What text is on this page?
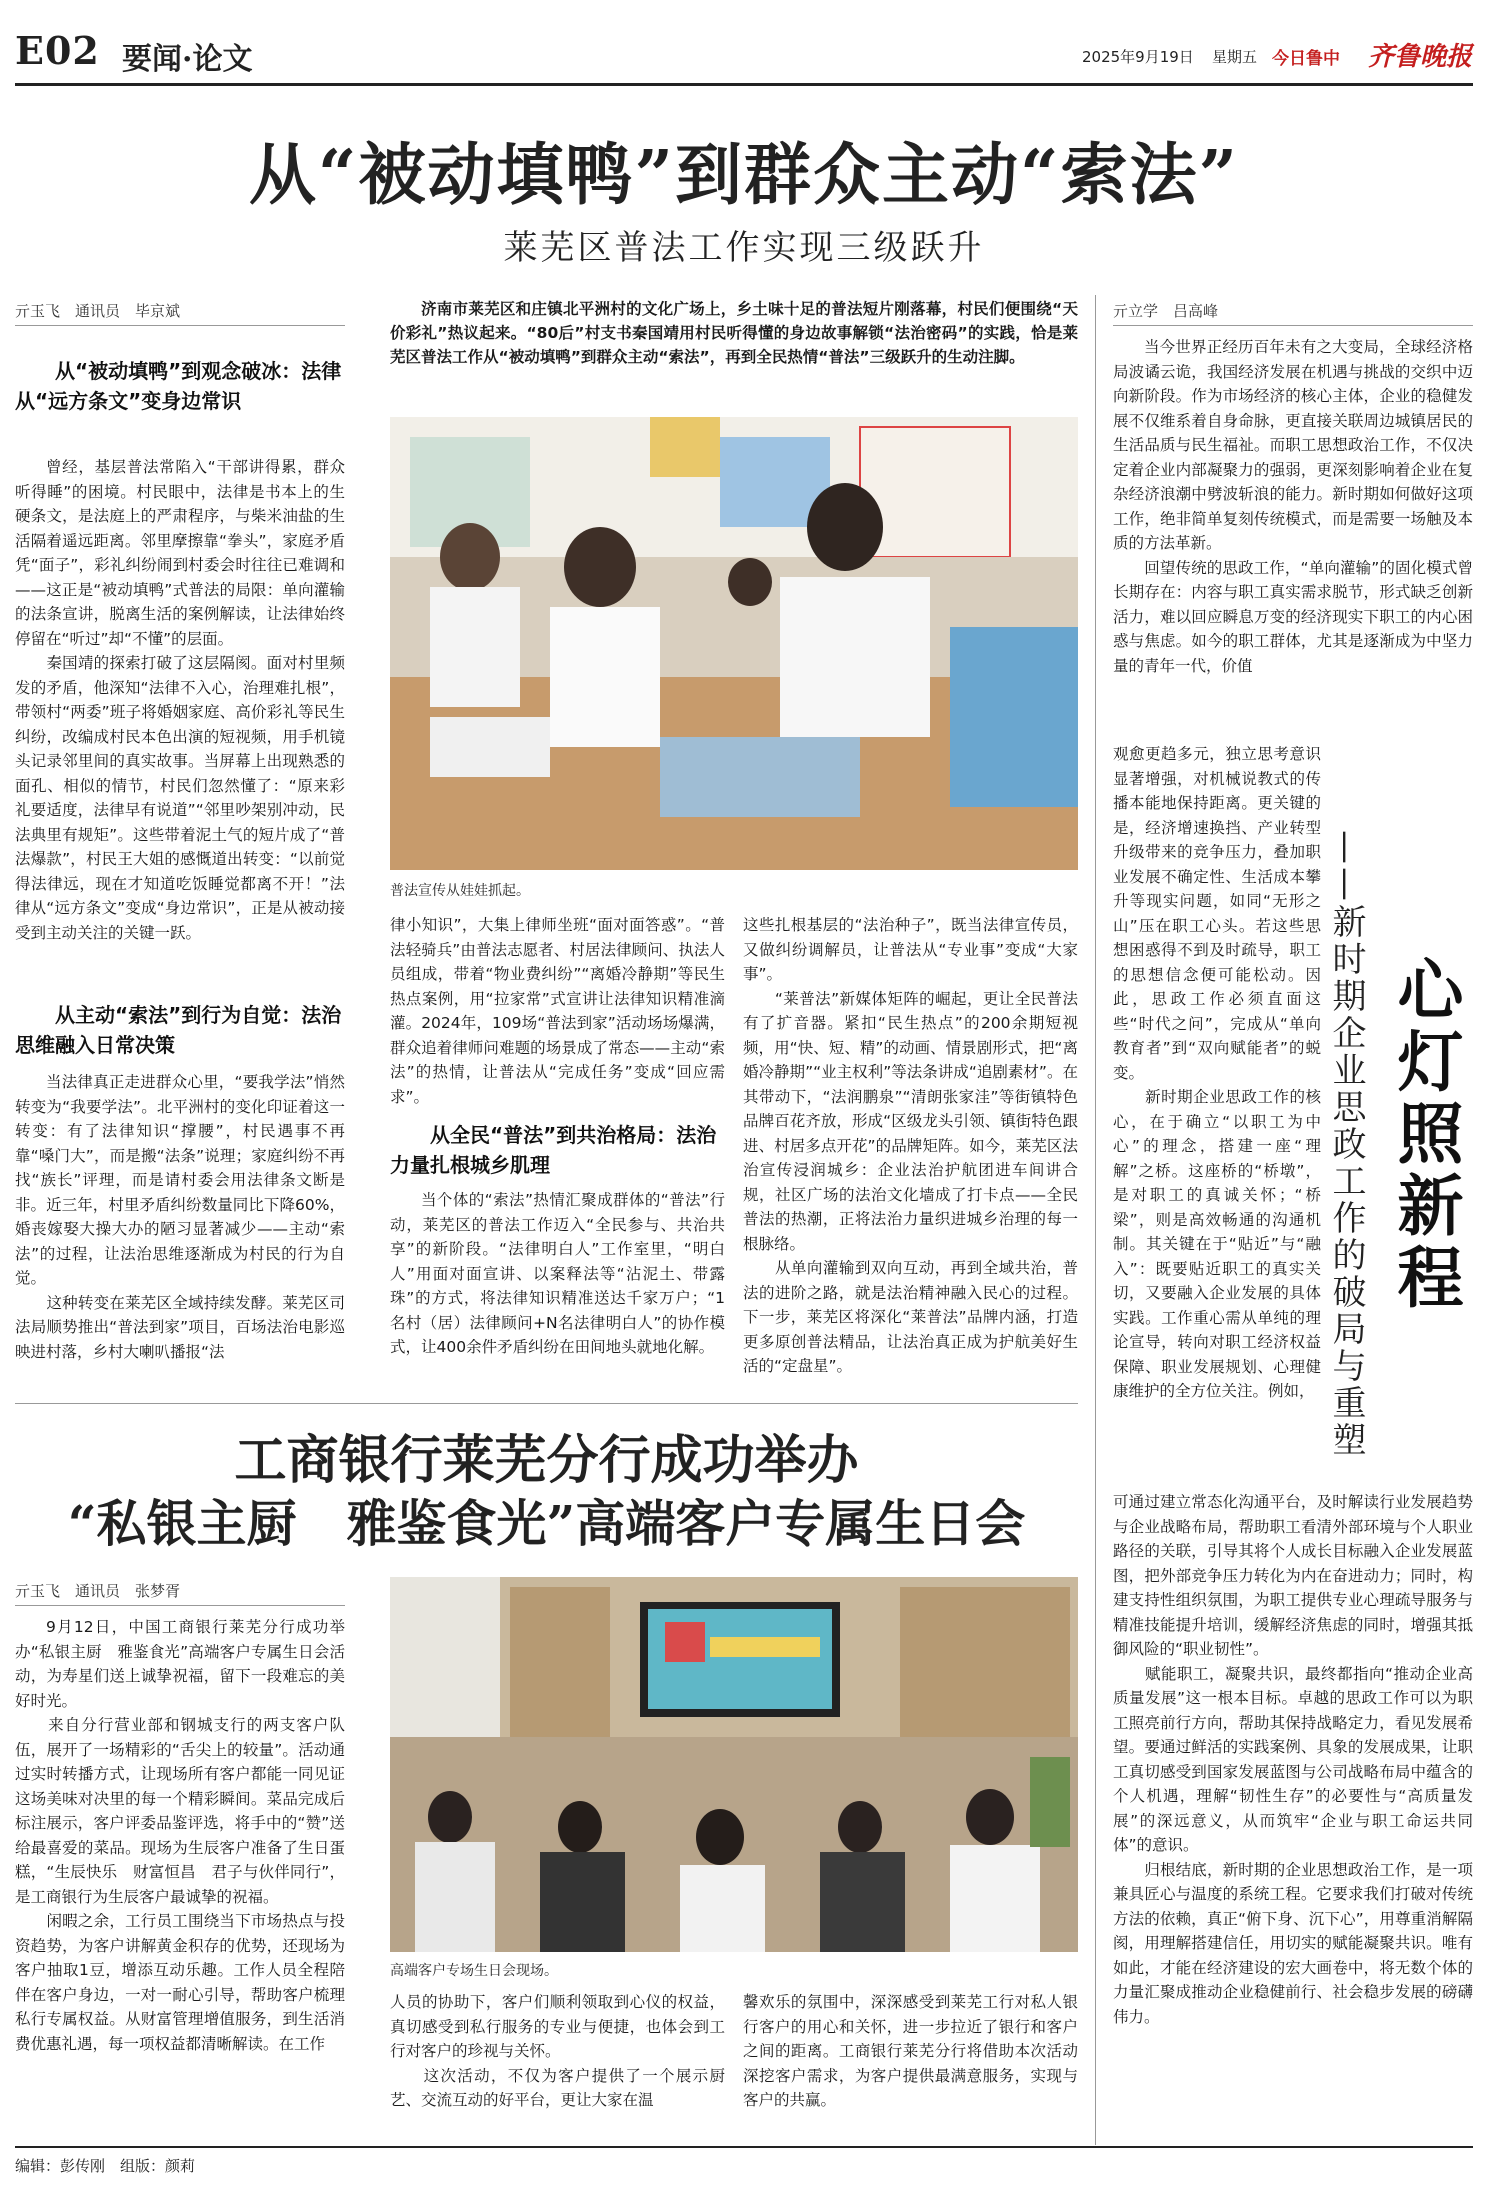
E02 要闻·论文	2025年9月19日 星期五 今日鲁中 齐鲁晚报
从“被动填鸭”到群众主动“索法”
莱芜区普法工作实现三级跃升
亓玉飞　通讯员　毕京斌	济南市莱芜区和庄镇北平洲村的文化广场上，乡土味十足的普法短片刚落幕，村民们便围绕“天价彩礼”热议起来。“80后”村支书秦国靖用村民听得懂的身边故事解锁“法治密码”的实践，恰是莱芜区普法工作从“被动填鸭”到群众主动“索法”，再到全民热情“普法”三级跃升的生动注脚。

从“被动填鸭”到观念破冰：法律从“远方条文”变身边常识

曾经，基层普法常陷入“干部讲得累，群众听得睡”的困境。村民眼中，法律是书本上的生硬条文，是法庭上的严肃程序，与柴米油盐的生活隔着遥远距离。邻里摩擦靠“拳头”，家庭矛盾凭“面子”，彩礼纠纷闹到村委会时往往已难调和——这正是“被动填鸭”式普法的局限：单向灌输的法条宣讲，脱离生活的案例解读，让法律始终停留在“听过”却“不懂”的层面。
　　秦国靖的探索打破了这层隔阂。面对村里频发的矛盾，他深知“法律不入心，治理难扎根”，带领村“两委”班子将婚姻家庭、高价彩礼等民生纠纷，改编成村民本色出演的短视频，用手机镜头记录邻里间的真实故事。当屏幕上出现熟悉的面孔、相似的情节，村民们忽然懂了：“原来彩礼要适度，法律早有说道”“邻里吵架别冲动，民法典里有规矩”。这些带着泥土气的短片成了“普法爆款”，村民王大姐的感慨道出转变：“以前觉得法律远，现在才知道吃饭睡觉都离不开！”法律从“远方条文”变成“身边常识”，正是从被动接受到主动关注的关键一跃。

从主动“索法”到行为自觉：法治思维融入日常决策

当法律真正走进群众心里，“要我学法”悄然转变为“我要学法”。北平洲村的变化印证着这一转变：有了法律知识“撑腰”，村民遇事不再靠“嗓门大”，而是搬“法条”说理；家庭纠纷不再找“族长”评理，而是请村委会用法律条文断是非。近三年，村里矛盾纠纷数量同比下降60%，婚丧嫁娶大操大办的陋习显著减少——主动“索法”的过程，让法治思维逐渐成为村民的行为自觉。
　　这种转变在莱芜区全域持续发酵。莱芜区司法局顺势推出“普法到家”项目，百场法治电影巡映进村落，乡村大喇叭播报“法

普法宣传从娃娃抓起。

律小知识”，大集上律师坐班“面对面答惑”。“普法轻骑兵”由普法志愿者、村居法律顾问、执法人员组成，带着“物业费纠纷”“离婚冷静期”等民生热点案例，用“拉家常”式宣讲让法律知识精准滴灌。2024年，109场“普法到家”活动场场爆满，群众追着律师问难题的场景成了常态——主动“索法”的热情，让普法从“完成任务”变成“回应需求”。

从全民“普法”到共治格局：法治力量扎根城乡肌理

当个体的“索法”热情汇聚成群体的“普法”行动，莱芜区的普法工作迈入“全民参与、共治共享”的新阶段。“法律明白人”工作室里，“明白人”用面对面宣讲、以案释法等“沾泥土、带露珠”的方式，将法律知识精准送达千家万户；“1名村（居）法律顾问+N名法律明白人”的协作模式，让400余件矛盾纠纷在田间地头就地化解。

这些扎根基层的“法治种子”，既当法律宣传员，又做纠纷调解员，让普法从“专业事”变成“大家事”。
　　“莱普法”新媒体矩阵的崛起，更让全民普法有了扩音器。紧扣“民生热点”的200余期短视频，用“快、短、精”的动画、情景剧形式，把“离婚冷静期”“业主权利”等法条讲成“追剧素材”。在其带动下，“法润鹏泉”“清朗张家洼”等街镇特色品牌百花齐放，形成“区级龙头引领、镇街特色跟进、村居多点开花”的品牌矩阵。如今，莱芜区法治宣传浸润城乡：企业法治护航团进车间讲合规，社区广场的法治文化墙成了打卡点——全民普法的热潮，正将法治力量织进城乡治理的每一根脉络。
　　从单向灌输到双向互动，再到全域共治，普法的进阶之路，就是法治精神融入民心的过程。下一步，莱芜区将深化“莱普法”品牌内涵，打造更多原创普法精品，让法治真正成为护航美好生活的“定盘星”。

工商银行莱芜分行成功举办
“私银主厨　雅鉴食光”高端客户专属生日会
亓玉飞　通讯员　张梦胥

9月12日，中国工商银行莱芜分行成功举办“私银主厨　雅鉴食光”高端客户专属生日会活动，为寿星们送上诚挚祝福，留下一段难忘的美好时光。
　　来自分行营业部和钢城支行的两支客户队伍，展开了一场精彩的“舌尖上的较量”。活动通过实时转播方式，让现场所有客户都能一同见证这场美味对决里的每一个精彩瞬间。菜品完成后标注展示，客户评委品鉴评选，将手中的“赞”送给最喜爱的菜品。现场为生辰客户准备了生日蛋糕，“生辰快乐　财富恒昌　君子与伙伴同行”，是工商银行为生辰客户最诚挚的祝福。
　　闲暇之余，工行员工围绕当下市场热点与投资趋势，为客户讲解黄金积存的优势，还现场为客户抽取1豆，增添互动乐趣。工作人员全程陪伴在客户身边，一对一耐心引导，帮助客户梳理私行专属权益。从财富管理增值服务，到生活消费优惠礼遇，每一项权益都清晰解读。在工作

高端客户专场生日会现场。

人员的协助下，客户们顺利领取到心仪的权益，真切感受到私行服务的专业与便捷，也体会到工行对客户的珍视与关怀。
　　这次活动，不仅为客户提供了一个展示厨艺、交流互动的好平台，更让大家在温

馨欢乐的氛围中，深深感受到莱芜工行对私人银行客户的用心和关怀，进一步拉近了银行和客户之间的距离。工商银行莱芜分行将借助本次活动深挖客户需求，为客户提供最满意服务，实现与客户的共赢。

亓立学　吕高峰

当今世界正经历百年未有之大变局，全球经济格局波谲云诡，我国经济发展在机遇与挑战的交织中迈向新阶段。作为市场经济的核心主体，企业的稳健发展不仅维系着自身命脉，更直接关联周边城镇居民的生活品质与民生福祉。而职工思想政治工作，不仅决定着企业内部凝聚力的强弱，更深刻影响着企业在复杂经济浪潮中劈波斩浪的能力。新时期如何做好这项工作，绝非简单复刻传统模式，而是需要一场触及本质的方法革新。
　　回望传统的思政工作，“单向灌输”的固化模式曾长期存在：内容与职工真实需求脱节，形式缺乏创新活力，难以回应瞬息万变的经济现实下职工的内心困惑与焦虑。如今的职工群体，尤其是逐渐成为中坚力量的青年一代，价值

观愈更趋多元，独立思考意识显著增强，对机械说教式的传播本能地保持距离。更关键的是，经济增速换挡、产业转型升级带来的竞争压力，叠加职业发展不确定性、生活成本攀升等现实问题，如同“无形之山”压在职工心头。若这些思想困惑得不到及时疏导，职工的思想信念便可能松动。因此，思政工作必须直面这些“时代之问”，完成从“单向教育者”到“双向赋能者”的蜕变。
　　新时期企业思政工作的核心，在于确立“以职工为中心”的理念，搭建一座“理解”之桥。这座桥的“桥墩”，是对职工的真诚关怀；“桥梁”，则是高效畅通的沟通机制。其关键在于“贴近”与“融入”：既要贴近职工的真实关切，又要融入企业发展的具体实践。工作重心需从单纯的理论宣导，转向对职工经济权益保障、职业发展规划、心理健康维护的全方位关注。例如， ——新时期企业思政工作的破局与重塑 心灯照新程

可通过建立常态化沟通平台，及时解读行业发展趋势与企业战略布局，帮助职工看清外部环境与个人职业路径的关联，引导其将个人成长目标融入企业发展蓝图，把外部竞争压力转化为内在奋进动力；同时，构建支持性组织氛围，为职工提供专业心理疏导服务与精准技能提升培训，缓解经济焦虑的同时，增强其抵御风险的“职业韧性”。
　　赋能职工，凝聚共识，最终都指向“推动企业高质量发展”这一根本目标。卓越的思政工作可以为职工照亮前行方向，帮助其保持战略定力，看见发展希望。要通过鲜活的实践案例、具象的发展成果，让职工真切感受到国家发展蓝图与公司战略布局中蕴含的个人机遇，理解“韧性生存”的必要性与“高质量发展”的深远意义，从而筑牢“企业与职工命运共同体”的意识。
　　归根结底，新时期的企业思想政治工作，是一项兼具匠心与温度的系统工程。它要求我们打破对传统方法的依赖，真正“俯下身、沉下心”，用尊重消解隔阂，用理解搭建信任，用切实的赋能凝聚共识。唯有如此，才能在经济建设的宏大画卷中，将无数个体的力量汇聚成推动企业稳健前行、社会稳步发展的磅礴伟力。

编辑：彭传刚　组版：颜莉
